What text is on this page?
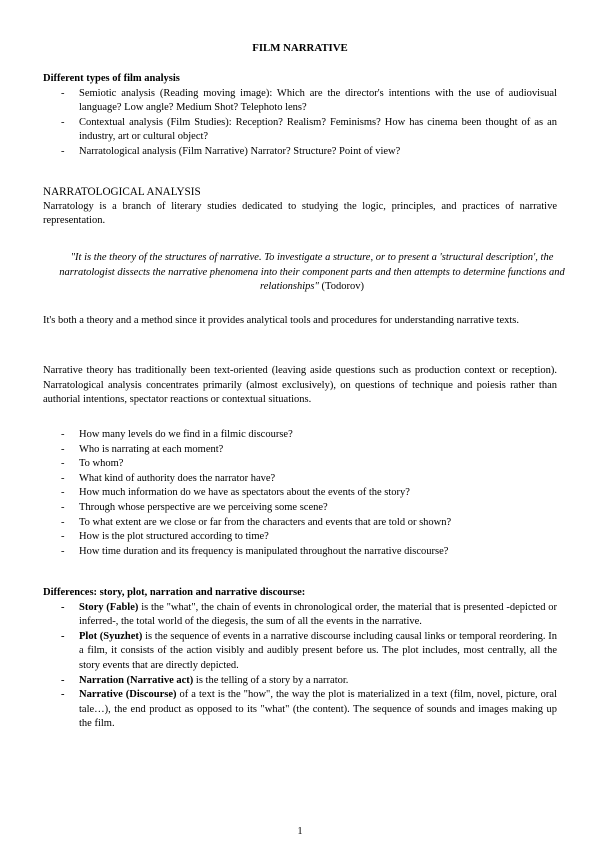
FILM NARRATIVE
Different types of film analysis
- Semiotic analysis (Reading moving image): Which are the director's intentions with the use of audiovisual language? Low angle? Medium Shot? Telephoto lens?
- Contextual analysis (Film Studies): Reception? Realism? Feminisms? How has cinema been thought of as an industry, art or cultural object?
- Narratological analysis (Film Narrative) Narrator? Structure? Point of view?
NARRATOLOGICAL ANALYSIS
Narratology is a branch of literary studies dedicated to studying the logic, principles, and practices of narrative representation.
"It is the theory of the structures of narrative. To investigate a structure, or to present a 'structural description', the narratologist dissects the narrative phenomena into their component parts and then attempts to determine functions and relationships" (Todorov)
It's both a theory and a method since it provides analytical tools and procedures for understanding narrative texts.
Narrative theory has traditionally been text-oriented (leaving aside questions such as production context or reception). Narratological analysis concentrates primarily (almost exclusively), on questions of technique and poiesis rather than authorial intentions, spectator reactions or contextual situations.
- How many levels do we find in a filmic discourse?
- Who is narrating at each moment?
- To whom?
- What kind of authority does the narrator have?
- How much information do we have as spectators about the events of the story?
- Through whose perspective are we perceiving some scene?
- To what extent are we close or far from the characters and events that are told or shown?
- How is the plot structured according to time?
- How time duration and its frequency is manipulated throughout the narrative discourse?
Differences: story, plot, narration and narrative discourse:
- Story (Fable) is the "what", the chain of events in chronological order, the material that is presented -depicted or inferred-, the total world of the diegesis, the sum of all the events in the narrative.
- Plot (Syuzhet) is the sequence of events in a narrative discourse including causal links or temporal reordering. In a film, it consists of the action visibly and audibly present before us. The plot includes, most centrally, all the story events that are directly depicted.
- Narration (Narrative act) is the telling of a story by a narrator.
- Narrative (Discourse) of a text is the "how", the way the plot is materialized in a text (film, novel, picture, oral tale…), the end product as opposed to its "what" (the content). The sequence of sounds and images making up the film.
1
